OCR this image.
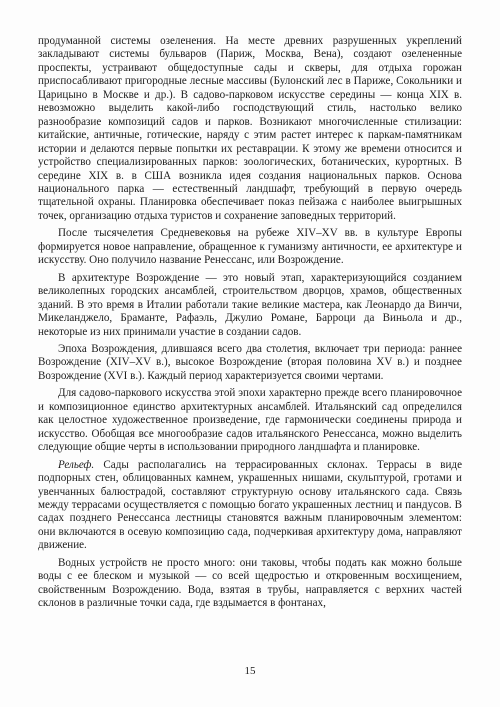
продуманной системы озеленения. На месте древних разрушенных укреплений закладывают системы бульваров (Париж, Москва, Вена), создают озелененные проспекты, устраивают общедоступные сады и скверы, для отдыха горожан приспосабливают пригородные лесные массивы (Булонский лес в Париже, Сокольники и Царицыно в Москве и др.). В садово-парковом искусстве середины — конца XIX в. невозможно выделить какой-либо господствующий стиль, настолько велико разнообразие композиций садов и парков. Возникают многочисленные стилизации: китайские, античные, готические, наряду с этим растет интерес к паркам-памятникам истории и делаются первые попытки их реставрации. К этому же времени относится и устройство специализированных парков: зоологических, ботанических, курортных. В середине XIX в. в США возникла идея создания национальных парков. Основа национального парка — естественный ландшафт, требующий в первую очередь тщательной охраны. Планировка обеспечивает показ пейзажа с наиболее выигрышных точек, организацию отдыха туристов и сохранение заповедных территорий.

После тысячелетия Средневековья на рубеже XIV–XV вв. в культуре Европы формируется новое направление, обращенное к гуманизму античности, ее архитектуре и искусству. Оно получило название Ренессанс, или Возрождение.

В архитектуре Возрождение — это новый этап, характеризующийся созданием великолепных городских ансамблей, строительством дворцов, храмов, общественных зданий. В это время в Италии работали такие великие мастера, как Леонардо да Винчи, Микеланджело, Браманте, Рафаэль, Джулио Романе, Барроци да Виньола и др., некоторые из них принимали участие в создании садов.

Эпоха Возрождения, длившаяся всего два столетия, включает три периода: раннее Возрождение (XIV–XV в.), высокое Возрождение (вторая половина XV в.) и позднее Возрождение (XVI в.). Каждый период характеризуется своими чертами.

Для садово-паркового искусства этой эпохи характерно прежде всего планировочное и композиционное единство архитектурных ансамблей. Итальянский сад определился как целостное художественное произведение, где гармонически соединены природа и искусство. Обобщая все многообразие садов итальянского Ренессанса, можно выделить следующие общие черты в использовании природного ландшафта и планировке.

Рельеф. Сады располагались на террасированных склонах. Террасы в виде подпорных стен, облицованных камнем, украшенных нишами, скульптурой, гротами и увенчанных балюстрадой, составляют структурную основу итальянского сада. Связь между террасами осуществляется с помощью богато украшенных лестниц и пандусов. В садах позднего Ренессанса лестницы становятся важным планировочным элементом: они включаются в осевую композицию сада, подчеркивая архитектуру дома, направляют движение.

Водных устройств не просто много: они таковы, чтобы подать как можно больше воды с ее блеском и музыкой — со всей щедростью и откровенным восхищением, свойственным Возрождению. Вода, взятая в трубы, направляется с верхних частей склонов в различные точки сада, где вздымается в фонтанах,

15
